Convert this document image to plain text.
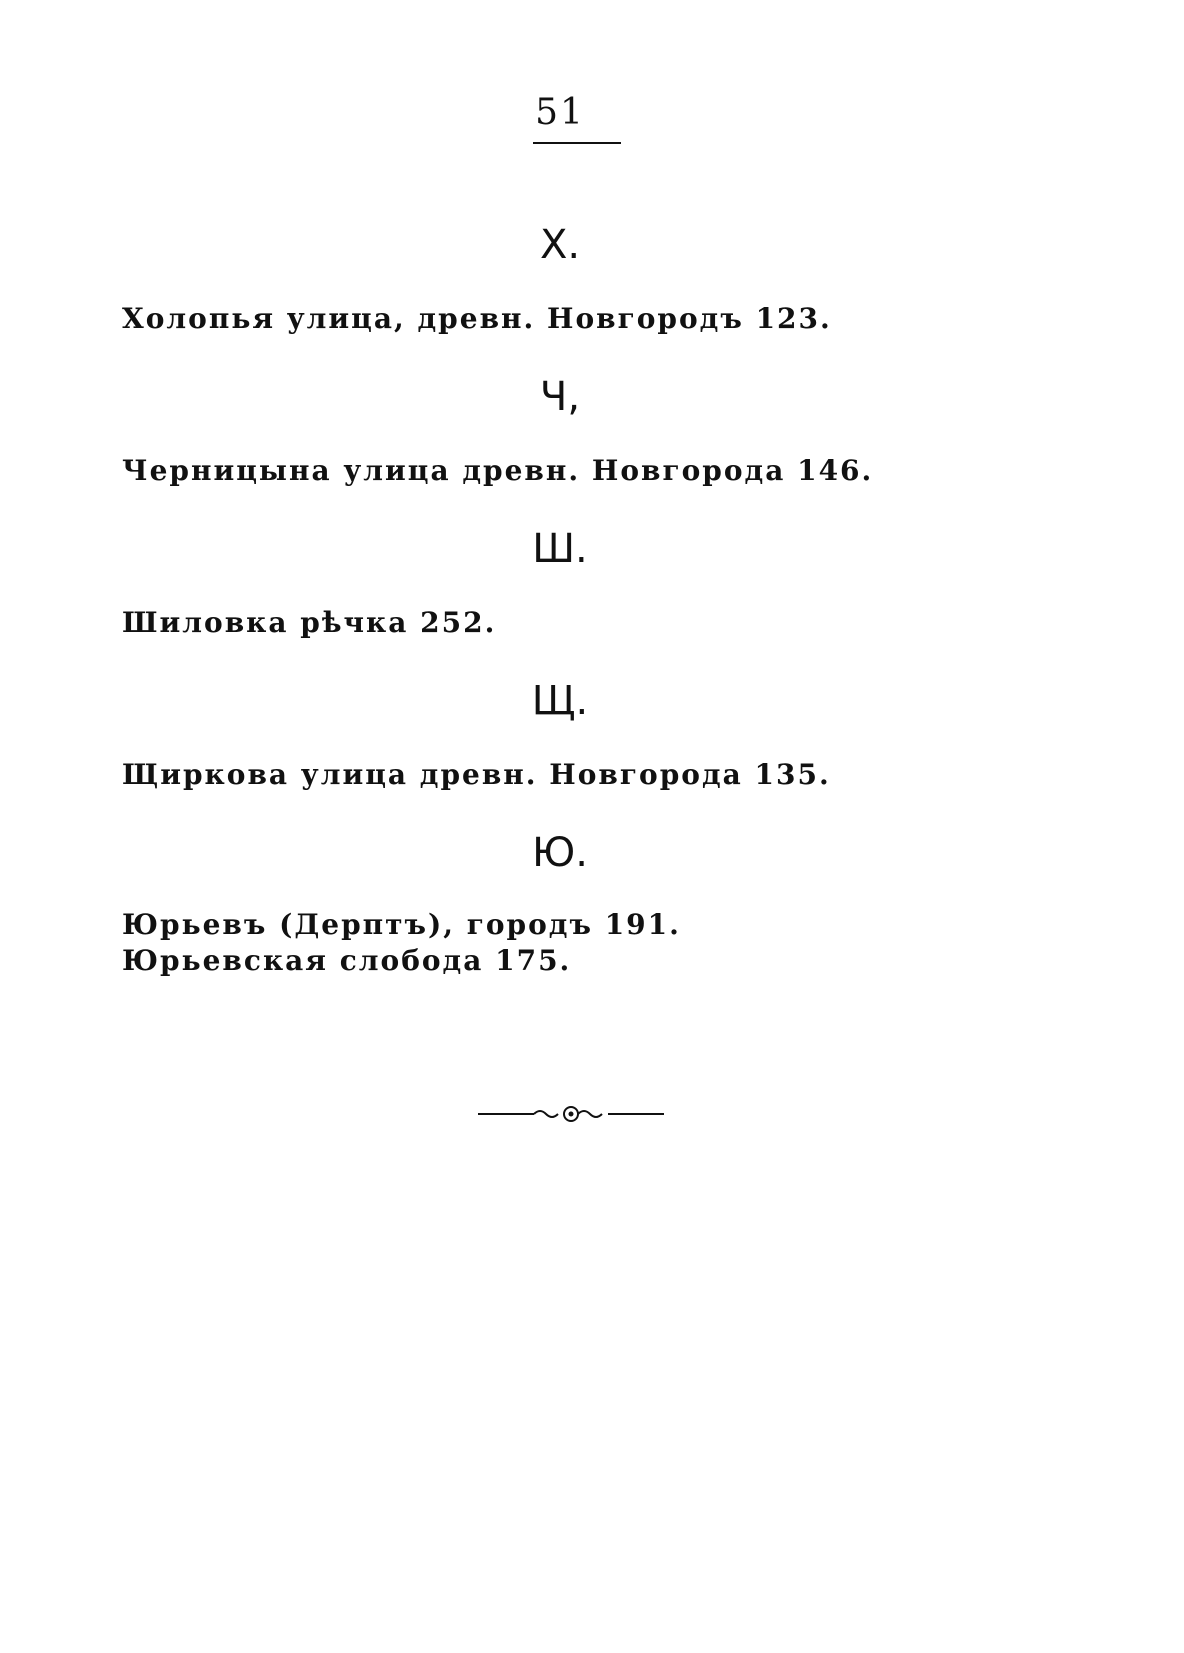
51
Х.
Холопья улица, древн. Новгородъ 123.
Ч,
Черницына улица древн. Новгорода 146.
Ш.
Шиловка рѣчка 252.
Щ.
Щиркова улица древн. Новгорода 135.
Ю.
Юрьевъ (Дерптъ), городъ 191.
Юрьевская слобода 175.
